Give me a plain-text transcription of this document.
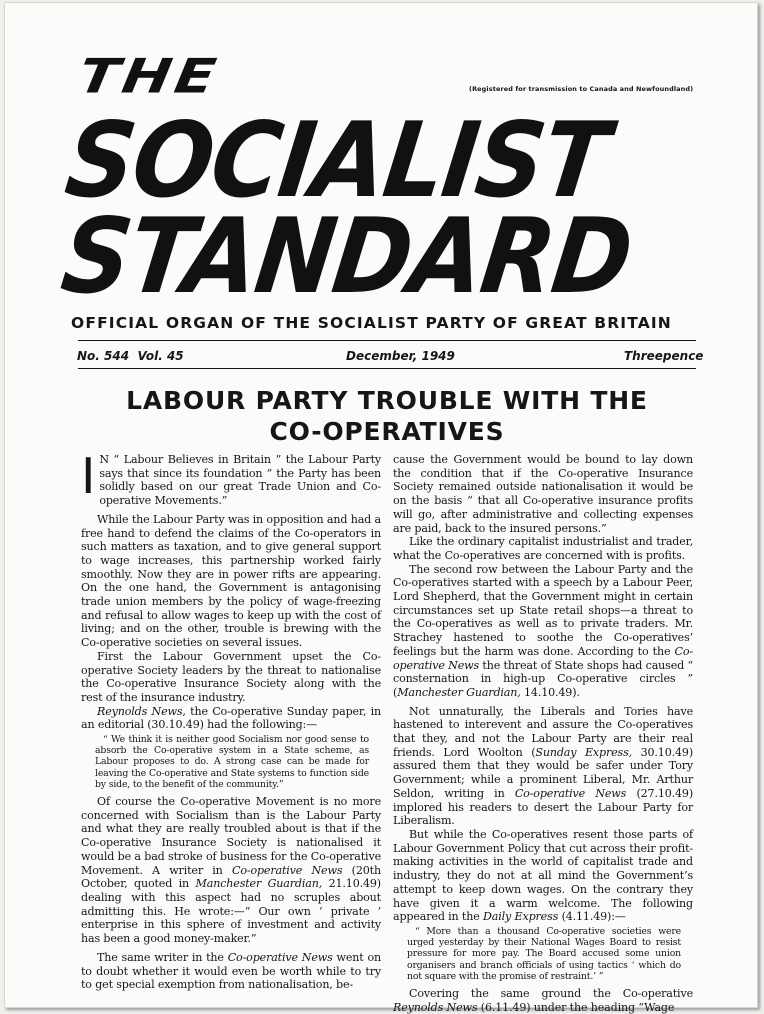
(Registered for transmission to Canada and Newfoundland)
THE
SOCIALIST
STANDARD
OFFICIAL ORGAN OF THE SOCIALIST PARTY OF GREAT BRITAIN
No. 544 Vol. 45	December, 1949	Threepence
LABOUR PARTY TROUBLE WITH THE
CO-OPERATIVES

I N “ Labour Believes in Britain ” the Labour Party says that since its foundation “ the Party has been solidly based on our great Trade Union and Co-operative Movements.”

While the Labour Party was in opposition and had a free hand to defend the claims of the Co-operators in such matters as taxation, and to give general support to wage increases, this partnership worked fairly smoothly. Now they are in power rifts are appearing. On the one hand, the Government is antagonising trade union members by the policy of wage-freezing and refusal to allow wages to keep up with the cost of living; and on the other, trouble is brewing with the Co-operative societies on several issues.

First the Labour Government upset the Co-operative Society leaders by the threat to nationalise the Co-operative Insurance Society along with the rest of the insurance industry.

Reynolds News, the Co-operative Sunday paper, in an editorial (30.10.49) had the following:—

“ We think it is neither good Socialism nor good sense to absorb the Co-operative system in a State scheme, as Labour proposes to do. A strong case can be made for leaving the Co-operative and State systems to function side by side, to the benefit of the community.”

Of course the Co-operative Movement is no more concerned with Socialism than is the Labour Party and what they are really troubled about is that if the Co-operative Insurance Society is nationalised it would be a bad stroke of business for the Co-operative Movement. A writer in Co-operative News (20th October, quoted in Manchester Guardian, 21.10.49) dealing with this aspect had no scruples about admitting this. He wrote:—“ Our own ‘ private ’ enterprise in this sphere of investment and activity has been a good money-maker.”

The same writer in the Co-operative News went on to doubt whether it would even be worth while to try to get special exemption from nationalisation, be-

cause the Government would be bound to lay down the condition that if the Co-operative Insurance Society remained outside nationalisation it would be on the basis “ that all Co-operative insurance profits will go, after administrative and collecting expenses are paid, back to the insured persons.”

Like the ordinary capitalist industrialist and trader, what the Co-operatives are concerned with is profits.

The second row between the Labour Party and the Co-operatives started with a speech by a Labour Peer, Lord Shepherd, that the Government might in certain circumstances set up State retail shops—a threat to the Co-operatives as well as to private traders. Mr. Strachey hastened to soothe the Co-operatives’ feelings but the harm was done. According to the Co-operative News the threat of State shops had caused “ consternation in high-up Co-operative circles ” (Manchester Guardian, 14.10.49).

Not unnaturally, the Liberals and Tories have hastened to interevent and assure the Co-operatives that they, and not the Labour Party are their real friends. Lord Woolton (Sunday Express, 30.10.49) assured them that they would be safer under Tory Government; while a prominent Liberal, Mr. Arthur Seldon, writing in Co-operative News (27.10.49) implored his readers to desert the Labour Party for Liberalism.

But while the Co-operatives resent those parts of Labour Government Policy that cut across their profit-making activities in the world of capitalist trade and industry, they do not at all mind the Government’s attempt to keep down wages. On the contrary they have given it a warm welcome. The following appeared in the Daily Express (4.11.49):—

“ More than a thousand Co-operative societies were urged yesterday by their National Wages Board to resist pressure for more pay. The Board accused some union organisers and branch officials of using tactics ‘ which do not square with the promise of restraint.’ ”

Covering the same ground the Co-operative Reynolds News (6.11.49) under the heading “Wage
